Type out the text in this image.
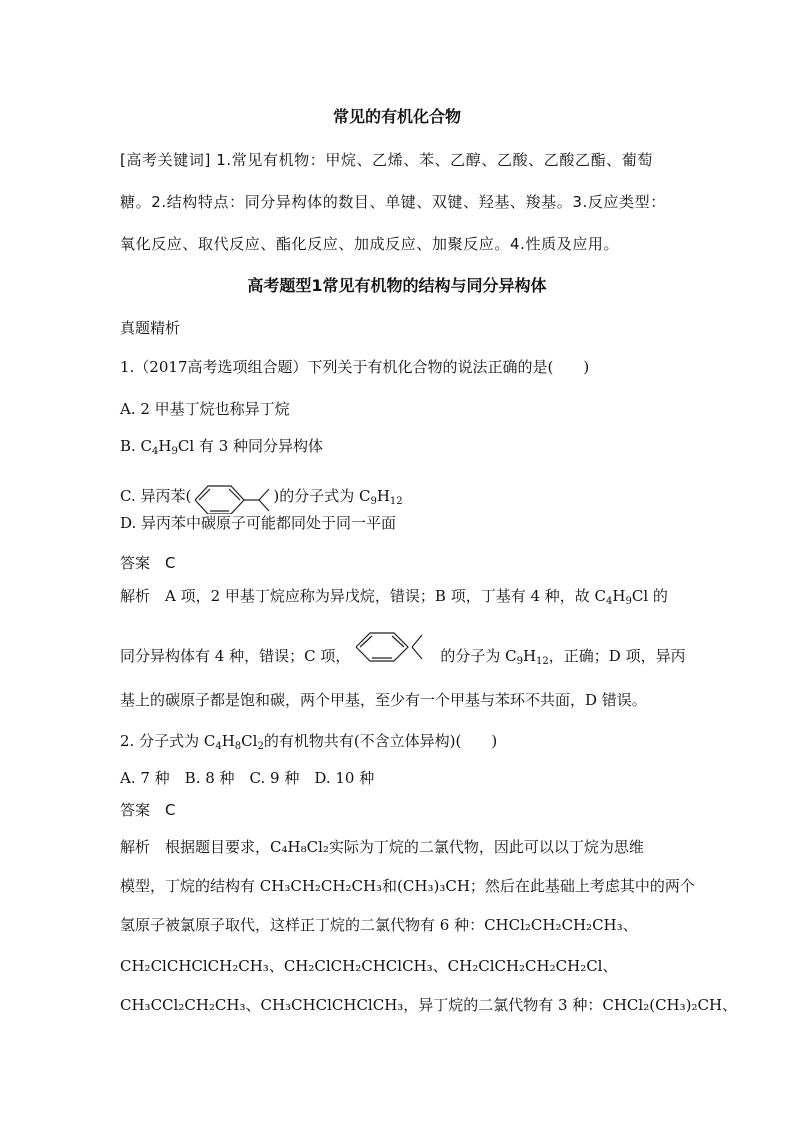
常见的有机化合物
[高考关键词] 1.常见有机物：甲烷、乙烯、苯、乙醇、乙酸、乙酸乙酯、葡萄
糖。2.结构特点：同分异构体的数目、单键、双键、羟基、羧基。3.反应类型：
氧化反应、取代反应、酯化反应、加成反应、加聚反应。4.性质及应用。
高考题型1常见有机物的结构与同分异构体
真题精析
1.（2017高考选项组合题）下列关于有机化合物的说法正确的是(　　)
A. 2 甲基丁烷也称异丁烷
B. $C_4H_9Cl$ 有 3 种同分异构体
C. 异丙苯(	)的分子式为 $C_9H_{12}$
D. 异丙苯中碳原子可能都同处于同一平面
答案　C
解析　A 项，2 甲基丁烷应称为异戊烷，错误；B 项，丁基有 4 种，故 $C_4H_9Cl$ 的
同分异构体有 4 种，错误；C 项，	的分子为 $C_9H_{12}$，正确；D 项，异丙
基上的碳原子都是饱和碳，两个甲基，至少有一个甲基与苯环不共面，D 错误。
2. 分子式为 $C_4H_8Cl_2$的有机物共有(不含立体异构)(　　)
A. 7 种　B. 8 种　C. 9 种　D. 10 种
答案　C
解析　根据题目要求，C₄H₈Cl₂实际为丁烷的二氯代物，因此可以以丁烷为思维
模型，丁烷的结构有 CH₃CH₂CH₂CH₃和(CH₃)₃CH；然后在此基础上考虑其中的两个
氢原子被氯原子取代，这样正丁烷的二氯代物有 6 种：CHCl₂CH₂CH₂CH₃、
CH₂ClCHClCH₂CH₃、CH₂ClCH₂CHClCH₃、CH₂ClCH₂CH₂CH₂Cl、
CH₃CCl₂CH₂CH₃、CH₃CHClCHClCH₃，异丁烷的二氯代物有 3 种：CHCl₂(CH₃)₂CH、
